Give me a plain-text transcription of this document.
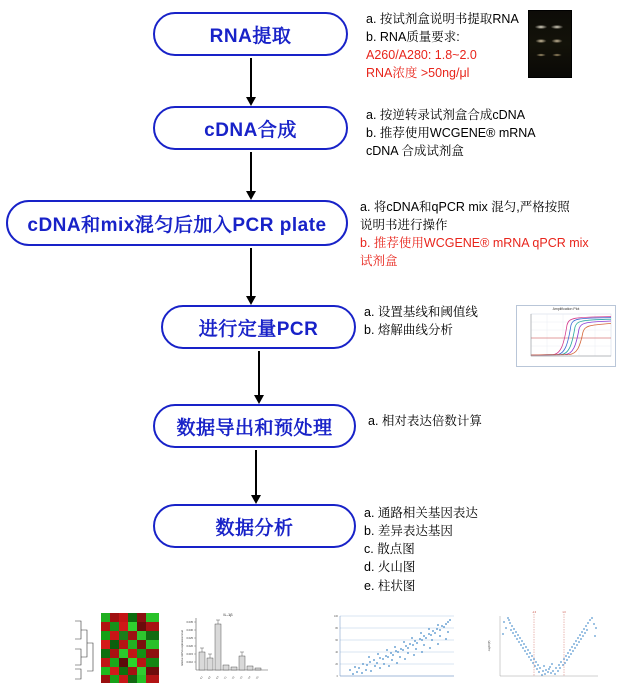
RNA提取
cDNA合成
cDNA和mix混匀后加入PCR plate
进行定量PCR
数据导出和预处理
数据分析
a. 按试剂盒说明书提取RNA
b. RNA质量要求:
A260/A280: 1.8~2.0
RNA浓度 >50ng/μl
a. 按逆转录试剂盒合成cDNA
b. 推荐使用WCGENE® mRNA
cDNA 合成试剂盒
a. 将cDNA和qPCR mix 混匀,严格按照
说明书进行操作
b. 推荐使用WCGENE® mRNA qPCR mix
试剂盒
a. 设置基线和阈值线
b. 熔解曲线分析
a. 相对表达倍数计算
a. 通路相关基因表达
b. 差异表达基因
c. 散点图
d. 火山图
e. 柱状图
Amplification Plot
IL-1β
0.035
0.030
0.025
0.020
0.015
0.010
relative mRNA expression level
C1 C2 C3 T1 T2 T3 T4 T5
100
80
60
40
20
0
-1.0	1.0
-log10(P)
